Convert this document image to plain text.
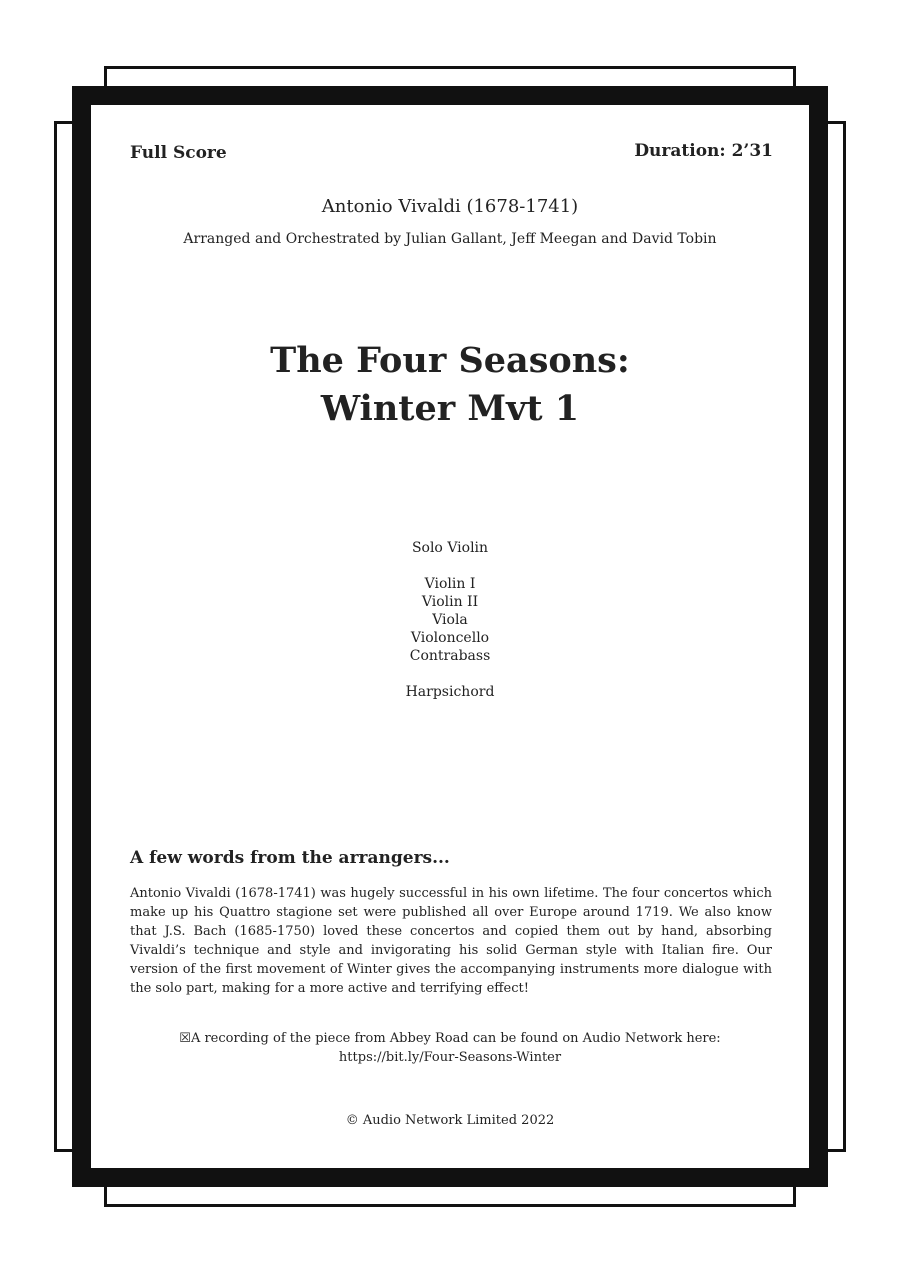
Full Score	Duration: 2’31
Antonio Vivaldi (1678-1741)
Arranged and Orchestrated by Julian Gallant, Jeff Meegan and David Tobin
The Four Seasons:
Winter Mvt 1
Solo Violin
Violin I
Violin II
Viola
Violoncello
Contrabass
Harpsichord
A few words from the arrangers...
Antonio Vivaldi (1678-1741) was hugely successful in his own lifetime. The four concertos which make up his Quattro stagione set were published all over Europe around 1719. We also know that J.S. Bach (1685-1750) loved these concertos and copied them out by hand, absorbing Vivaldi’s technique and style and invigorating his solid German style with Italian fire. Our version of the first movement of Winter gives the accompanying instruments more dialogue with the solo part, making for a more active and terrifying effect!
☒A recording of the piece from Abbey Road can be found on Audio Network here:
https://bit.ly/Four-Seasons-Winter
© Audio Network Limited 2022
